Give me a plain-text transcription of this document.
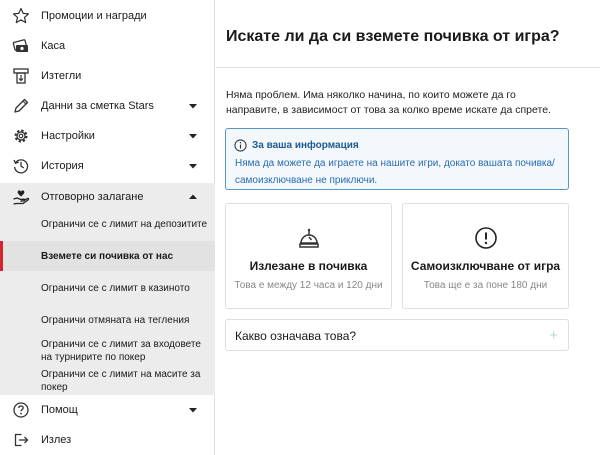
Промоции и награди
Каса
Изтегли
Данни за сметка Stars
Настройки
История
Отговорно залагане
Ограничи се с лимит на депозитите
Вземете си почивка от нас
Ограничи се с лимит в казиното
Ограничи отмяната на тегления
Ограничи се с лимит за входовете на турнирите по покер
Ограничи се с лимит на масите за покер
Помощ
Излез
Искате ли да си вземете почивка от игра?

Няма проблем. Има няколко начина, по които можете да го направите, в зависимост от това за колко време искате да спрете.

За ваша информация

Няма да можете да играете на нашите игри, докато вашата почивка/самоизключване не приключи.

Излезане в почивка
Това е между 12 часа и 120 дни
Самоизключване от игра
Това ще е за поне 180 дни
Какво означава това?	+
